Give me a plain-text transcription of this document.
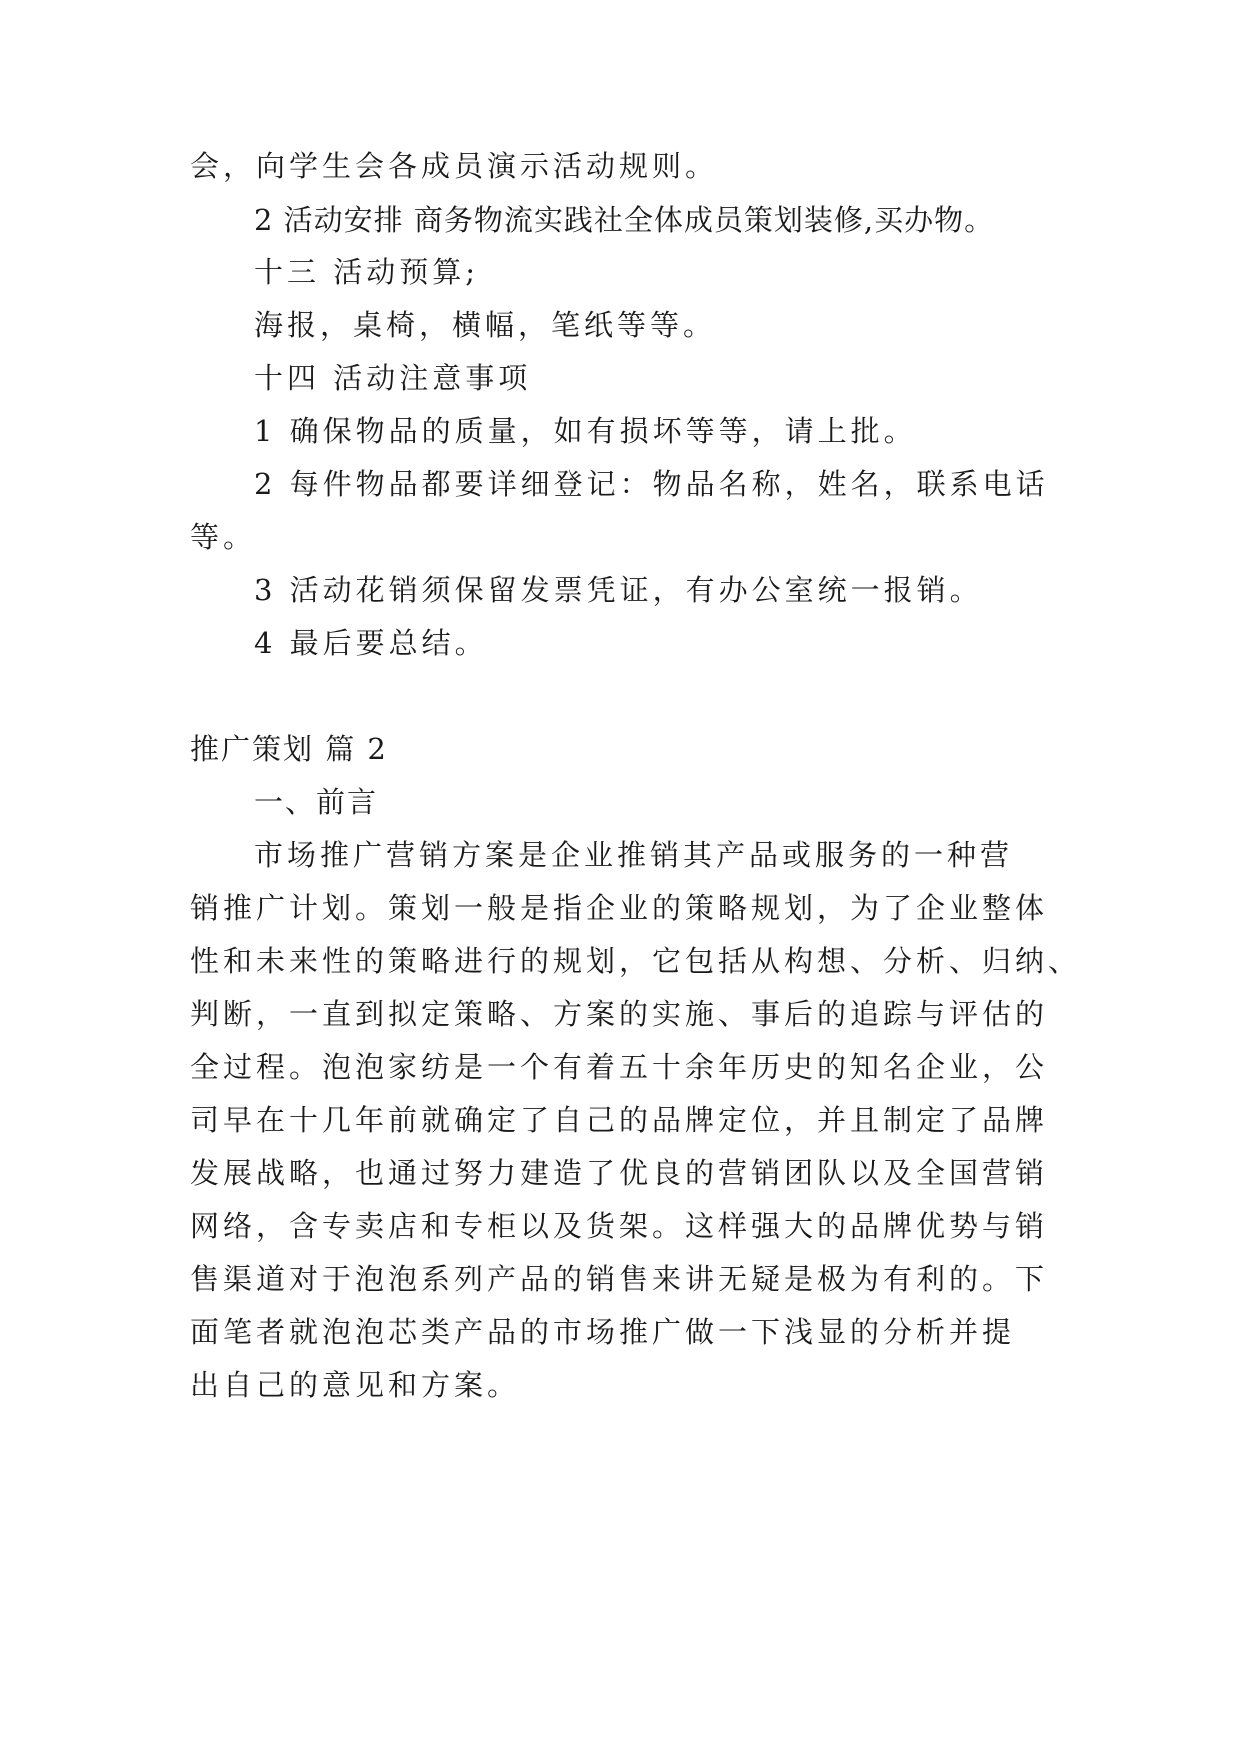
会，向学生会各成员演示活动规则。
2 活动安排 商务物流实践社全体成员策划装修,买办物。
十三 活动预算;
海报，桌椅，横幅，笔纸等等。
十四 活动注意事项
1 确保物品的质量，如有损坏等等，请上批。
2 每件物品都要详细登记：物品名称，姓名，联系电话
等。
3 活动花销须保留发票凭证，有办公室统一报销。
4 最后要总结。
推广策划 篇 2
一、前言
市场推广营销方案是企业推销其产品或服务的一种营
销推广计划。策划一般是指企业的策略规划，为了企业整体
性和未来性的策略进行的规划，它包括从构想、分析、归纳、
判断，一直到拟定策略、方案的实施、事后的追踪与评估的
全过程。泡泡家纺是一个有着五十余年历史的知名企业，公
司早在十几年前就确定了自己的品牌定位，并且制定了品牌
发展战略，也通过努力建造了优良的营销团队以及全国营销
网络，含专卖店和专柜以及货架。这样强大的品牌优势与销
售渠道对于泡泡系列产品的销售来讲无疑是极为有利的。下
面笔者就泡泡芯类产品的市场推广做一下浅显的分析并提
出自己的意见和方案。
